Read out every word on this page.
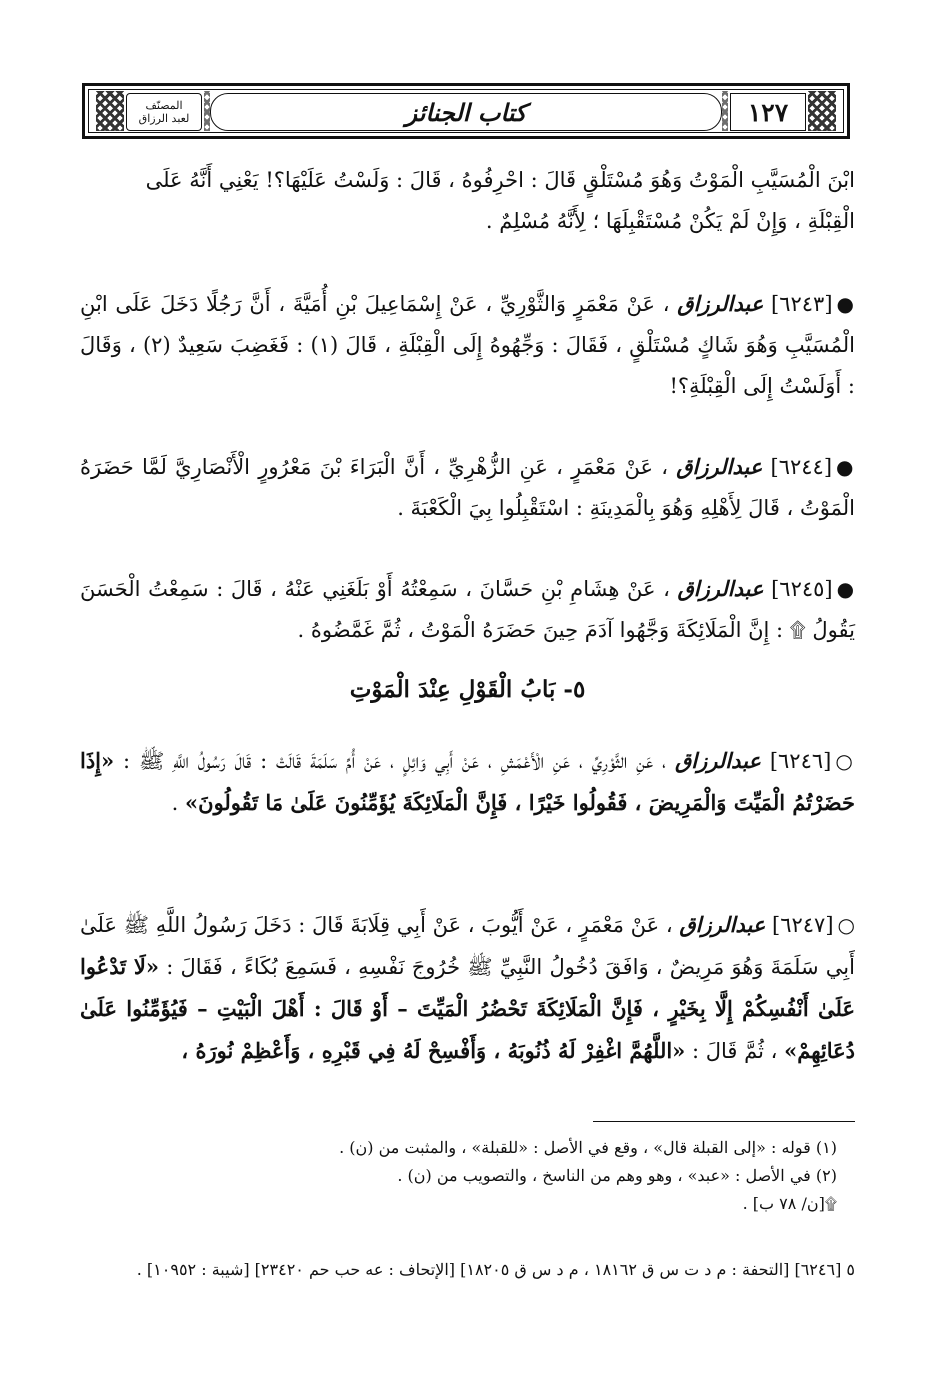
المصنّف
لعبد الرزاق	كتاب الجنائز	١٢٧

ابْنَ الْمُسَيَّبِ الْمَوْتُ وَهُوَ مُسْتَلْقٍ قَالَ : احْرِفُوهُ ، قَالَ : وَلَسْتُ عَلَيْهَا؟! يَعْنِي أَنَّهُ عَلَى

الْقِبْلَةِ ، وَإِنْ لَمْ يَكُنْ مُسْتَقْبِلَهَا ؛ لِأَنَّهُ مُسْلِمٌ .

●[٦٢٤٣] عبدالرزاق ، عَنْ مَعْمَرٍ وَالثَّوْرِيِّ ، عَنْ إِسْمَاعِيلَ بْنِ أُمَيَّةَ ، أَنَّ رَجُلًا دَخَلَ عَلَى ابْنِ الْمُسَيَّبِ وَهُوَ شَاكٍ مُسْتَلْقٍ ، فَقَالَ : وَجِّهُوهُ إِلَى الْقِبْلَةِ ، قَالَ (١) : فَغَضِبَ سَعِيدٌ (٢) ، وَقَالَ : أَوَلَسْتُ إِلَى الْقِبْلَةِ؟!

●[٦٢٤٤] عبدالرزاق ، عَنْ مَعْمَرٍ ، عَنِ الزُّهْرِيِّ ، أَنَّ الْبَرَاءَ بْنَ مَعْرُورٍ الْأَنْصَارِيَّ لَمَّا حَضَرَهُ الْمَوْتُ ، قَالَ لِأَهْلِهِ وَهُوَ بِالْمَدِينَةِ : اسْتَقْبِلُوا بِيَ الْكَعْبَةَ .

●[٦٢٤٥] عبدالرزاق ، عَنْ هِشَامِ بْنِ حَسَّانَ ، سَمِعْتُهُ أَوْ بَلَغَنِي عَنْهُ ، قَالَ : سَمِعْتُ الْحَسَنَ يَقُولُ ۩ : إِنَّ الْمَلَائِكَةَ وَجَّهُوا آدَمَ حِينَ حَضَرَهُ الْمَوْتُ ، ثُمَّ غَمَّضُوهُ .

٥- بَابُ الْقَوْلِ عِنْدَ الْمَوْتِ

○[٦٢٤٦] عبدالرزاق ، عَنِ الثَّوْرِيِّ ، عَنِ الْأَعْمَشِ ، عَنْ أَبِي وَائِلٍ ، عَنْ أُمِّ سَلَمَةَ قَالَتْ : قَالَ رَسُولُ اللَّهِ ﷺ : «إِذَا حَضَرْتُمُ الْمَيِّتَ وَالْمَرِيضَ ، فَقُولُوا خَيْرًا ، فَإِنَّ الْمَلَائِكَةَ يُؤَمِّنُونَ عَلَىٰ مَا تَقُولُونَ» .

○[٦٢٤٧] عبدالرزاق ، عَنْ مَعْمَرٍ ، عَنْ أَيُّوبَ ، عَنْ أَبِي قِلَابَةَ قَالَ : دَخَلَ رَسُولُ اللَّهِ ﷺ عَلَىٰ أَبِي سَلَمَةَ وَهُوَ مَرِيضٌ ، وَافَقَ دُخُولُ النَّبِيِّ ﷺ خُرُوجَ نَفْسِهِ ، فَسَمِعَ بُكَاءً ، فَقَالَ : «لَا تَدْعُوا عَلَىٰ أَنْفُسِكُمْ إِلَّا بِخَيْرٍ ، فَإِنَّ الْمَلَائِكَةَ تَحْضُرُ الْمَيِّتَ – أَوْ قَالَ : أَهْلَ الْبَيْتِ – فَيُؤَمِّنُوا عَلَىٰ دُعَائِهِمْ» ، ثُمَّ قَالَ : «اللَّهُمَّ اغْفِرْ لَهُ ذُنُوبَهُ ، وَأَفْسِحْ لَهُ فِي قَبْرِهِ ، وَأَعْظِمْ نُورَهُ ،

(١) قوله : «إلى القبلة قال» ، وقع في الأصل : «للقبلة» ، والمثبت من (ن) .

(٢) في الأصل : «عبد» ، وهو وهم من الناسخ ، والتصويب من (ن) .

۩[ن/ ٧٨ ب] .

٥ [٦٢٤٦] [التحفة : م د ت س ق ١٨١٦٢ ، م د س ق ١٨٢٠٥] [الإتحاف : عه حب حم ٢٣٤٢٠] [شيبة : ١٠٩٥٢] .
